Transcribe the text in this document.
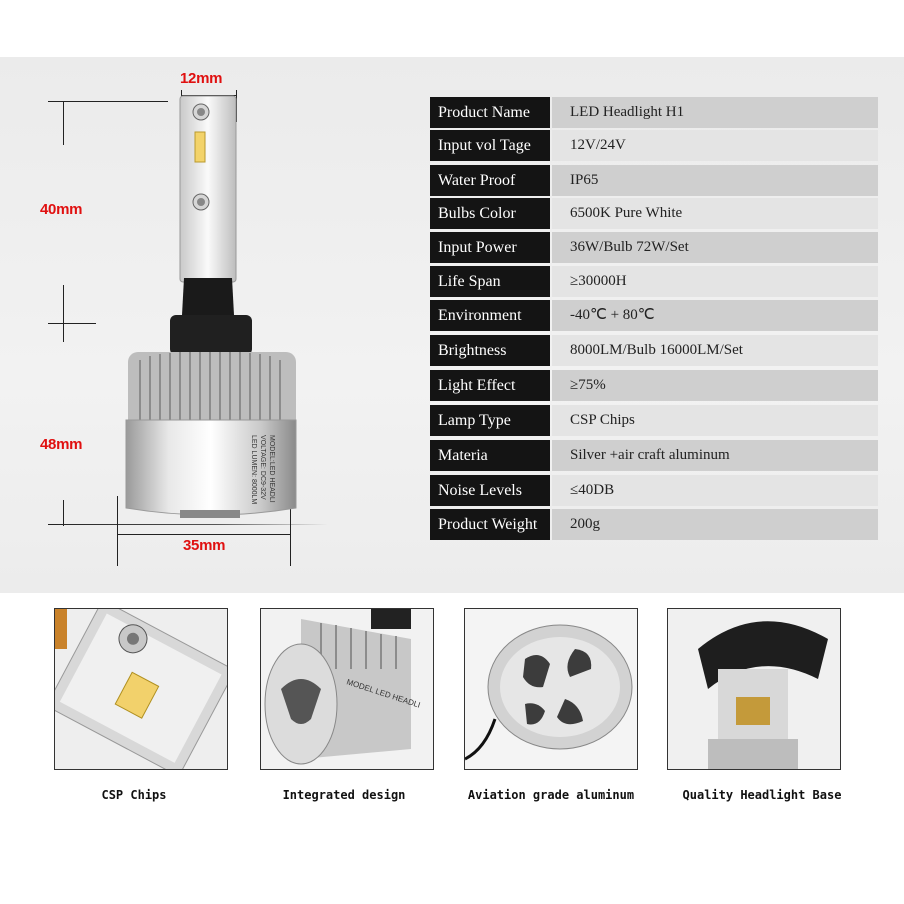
12mm
40mm
48mm
35mm
MODEL:LED HEADLI
VOLTAGE: DC9-32V
LED LUMEN: 8000LM
Product Name	LED Headlight H1
Input vol Tage	12V/24V
Water Proof	IP65
Bulbs Color	6500K Pure White
Input Power	36W/Bulb 72W/Set
Life Span	≥30000H
Environment	-40℃ + 80℃
Brightness	8000LM/Bulb 16000LM/Set
Light Effect	≥75%
Lamp Type	CSP Chips
Materia	Silver +air craft aluminum
Noise Levels	≤40DB
Product Weight	200g
MODEL LED HEADLI
CSP Chips	Integrated design	Aviation grade aluminum	Quality Headlight Base
